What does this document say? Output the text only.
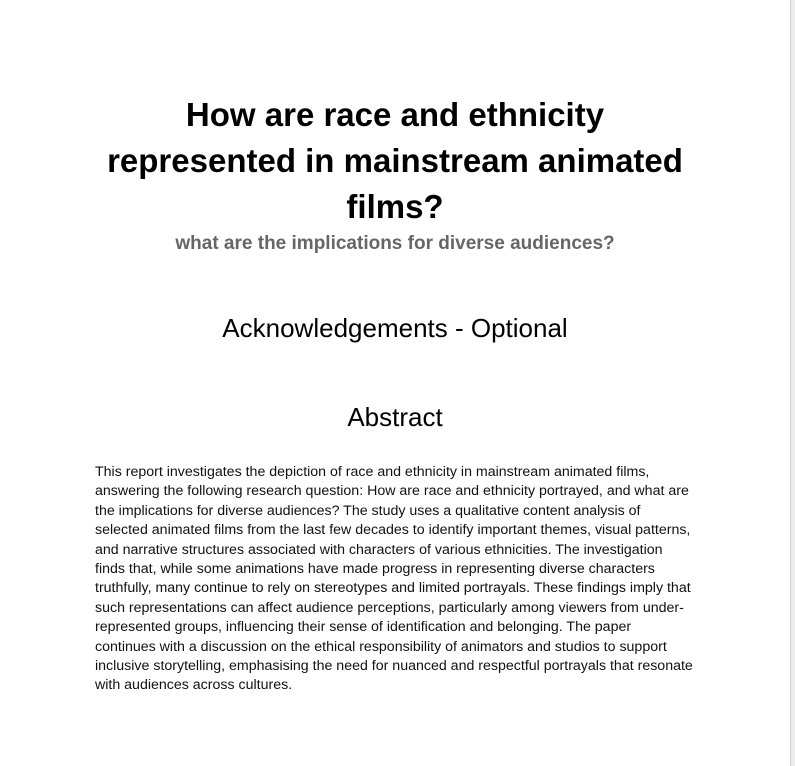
How are race and ethnicity represented in mainstream animated films?
what are the implications for diverse audiences?
Acknowledgements - Optional
Abstract

This report investigates the depiction of race and ethnicity in mainstream animated films, answering the following research question: How are race and ethnicity portrayed, and what are the implications for diverse audiences? The study uses a qualitative content analysis of selected animated films from the last few decades to identify important themes, visual patterns, and narrative structures associated with characters of various ethnicities. The investigation finds that, while some animations have made progress in representing diverse characters truthfully, many continue to rely on stereotypes and limited portrayals. These findings imply that such representations can affect audience perceptions, particularly among viewers from under-represented groups, influencing their sense of identification and belonging. The paper continues with a discussion on the ethical responsibility of animators and studios to support inclusive storytelling, emphasising the need for nuanced and respectful portrayals that resonate with audiences across cultures.
